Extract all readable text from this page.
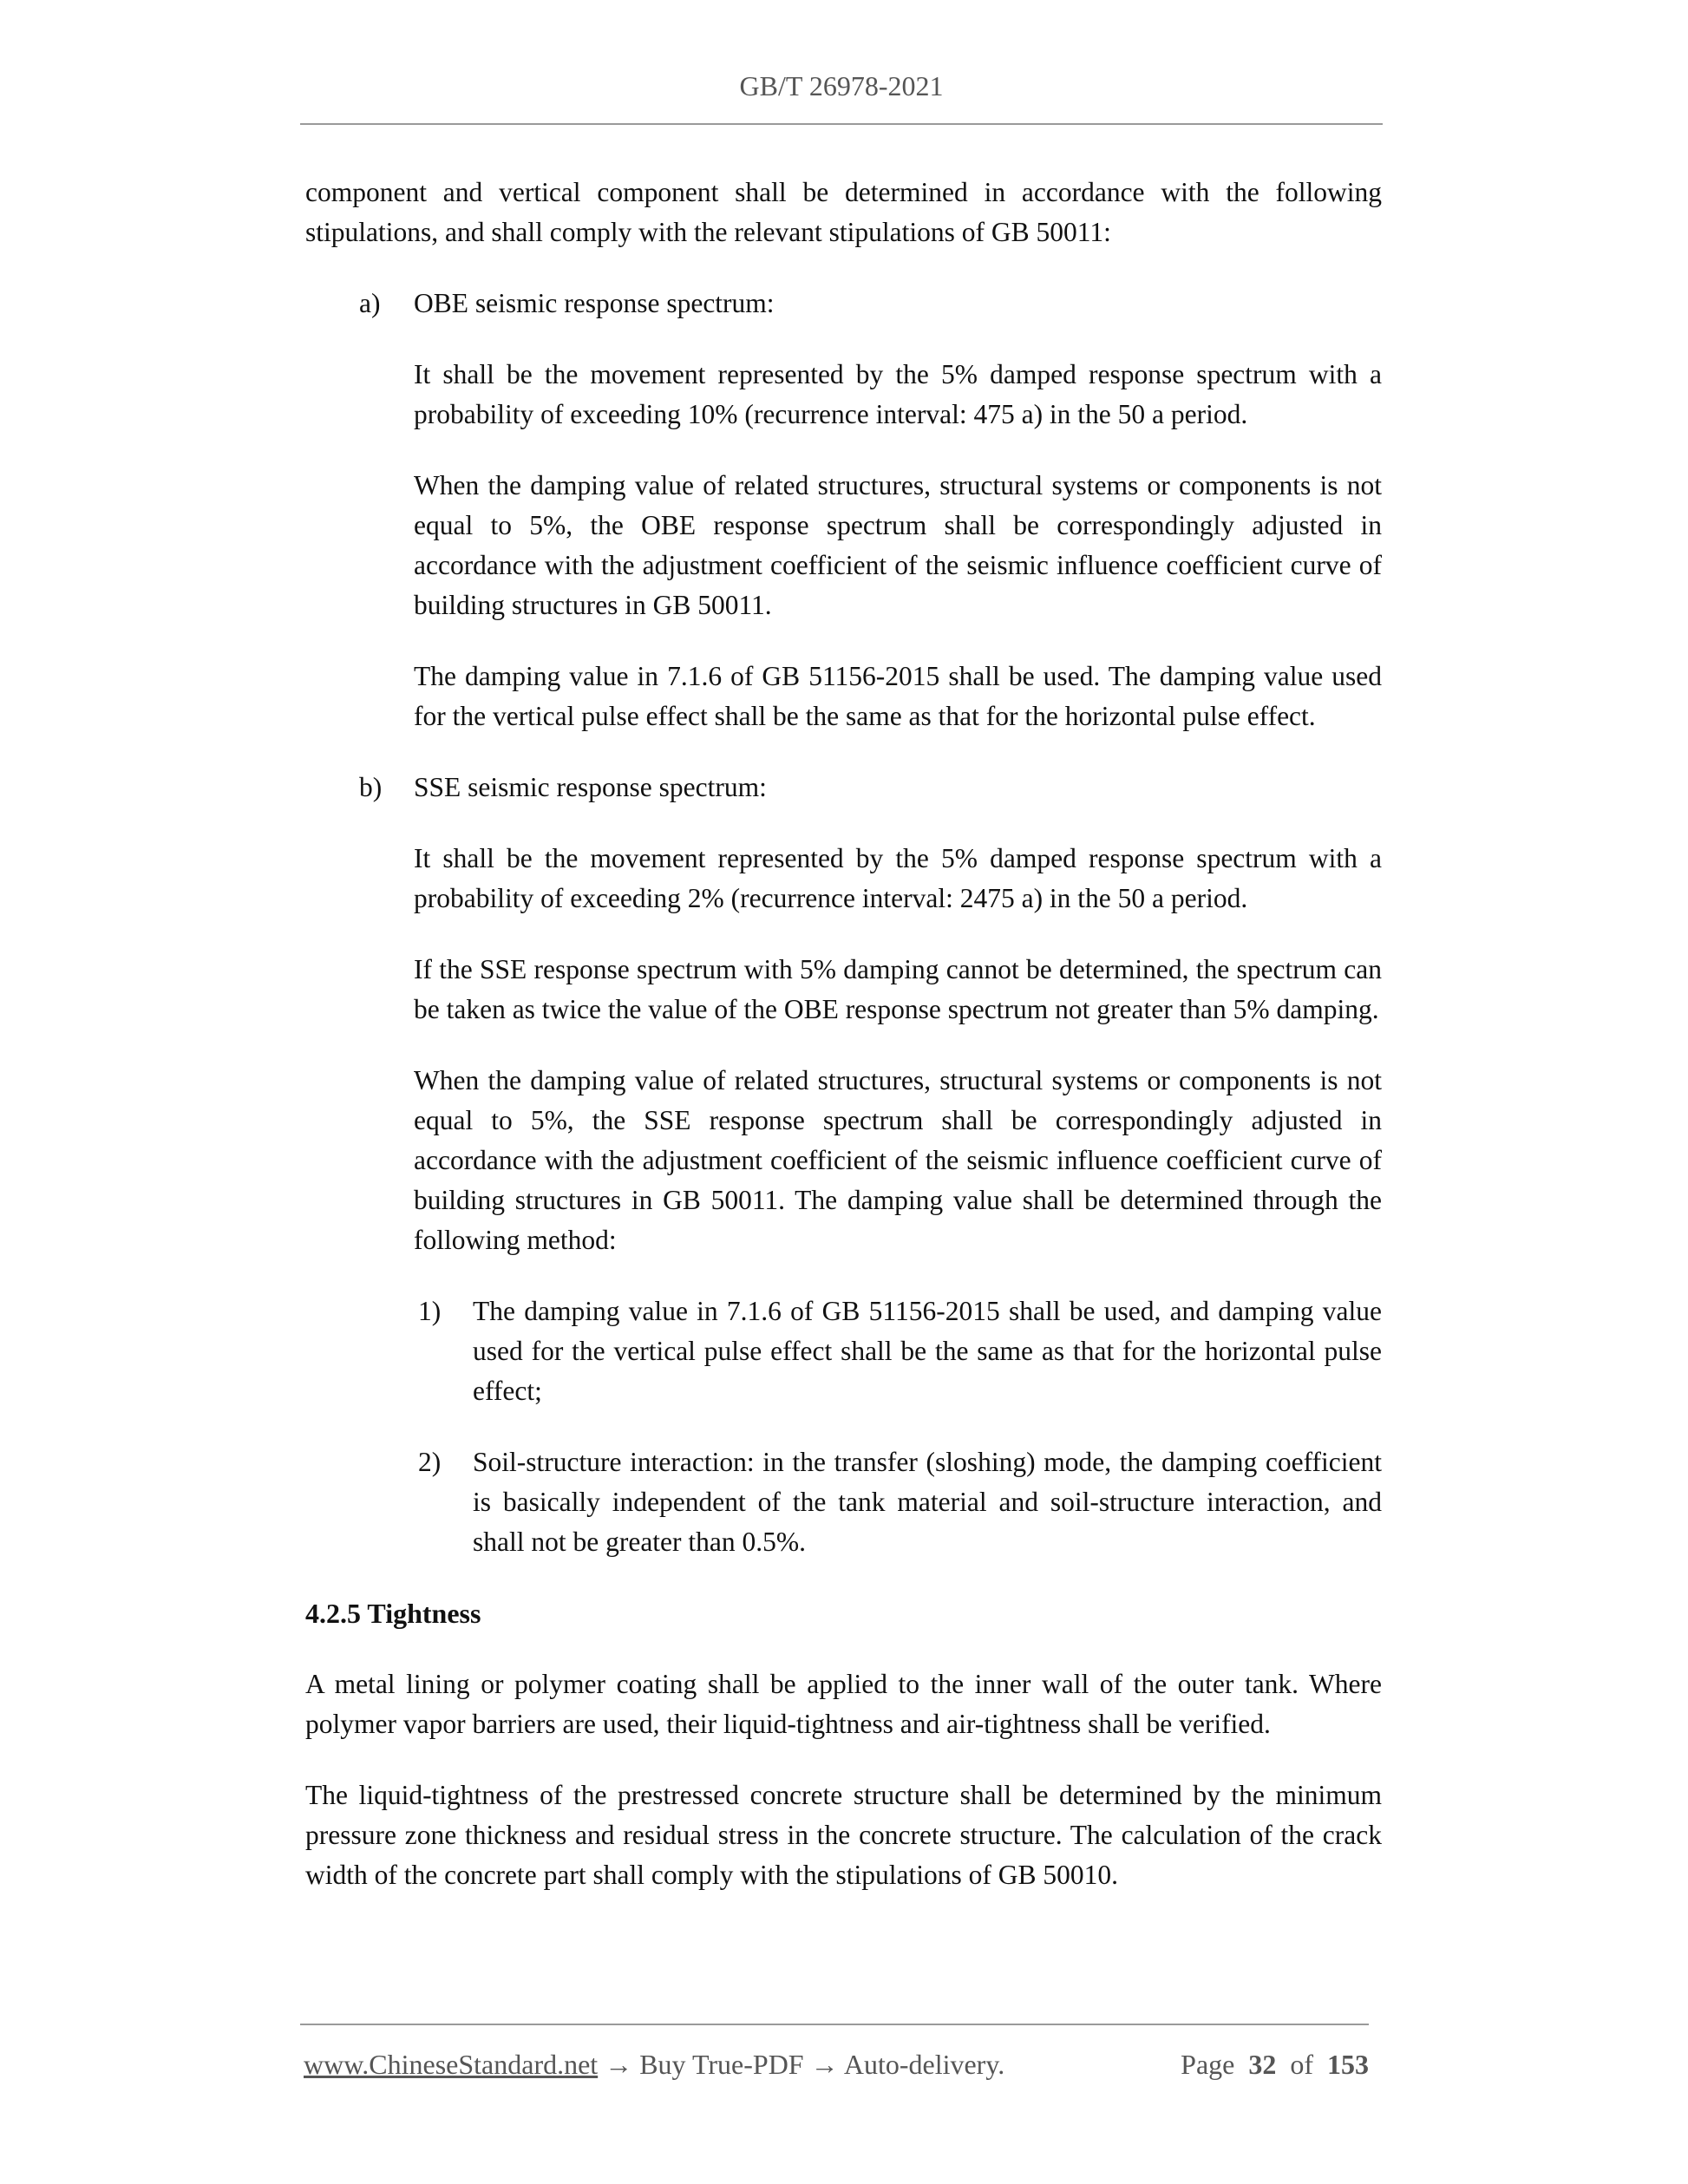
GB/T 26978-2021

component and vertical component shall be determined in accordance with the following stipulations, and shall comply with the relevant stipulations of GB 50011:

a) OBE seismic response spectrum:

It shall be the movement represented by the 5% damped response spectrum with a probability of exceeding 10% (recurrence interval: 475 a) in the 50 a period.

When the damping value of related structures, structural systems or components is not equal to 5%, the OBE response spectrum shall be correspondingly adjusted in accordance with the adjustment coefficient of the seismic influence coefficient curve of building structures in GB 50011.

The damping value in 7.1.6 of GB 51156-2015 shall be used. The damping value used for the vertical pulse effect shall be the same as that for the horizontal pulse effect.

b) SSE seismic response spectrum:

It shall be the movement represented by the 5% damped response spectrum with a probability of exceeding 2% (recurrence interval: 2475 a) in the 50 a period.

If the SSE response spectrum with 5% damping cannot be determined, the spectrum can be taken as twice the value of the OBE response spectrum not greater than 5% damping.

When the damping value of related structures, structural systems or components is not equal to 5%, the SSE response spectrum shall be correspondingly adjusted in accordance with the adjustment coefficient of the seismic influence coefficient curve of building structures in GB 50011. The damping value shall be determined through the following method:

1) The damping value in 7.1.6 of GB 51156-2015 shall be used, and damping value used for the vertical pulse effect shall be the same as that for the horizontal pulse effect;
2) Soil-structure interaction: in the transfer (sloshing) mode, the damping coefficient is basically independent of the tank material and soil-structure interaction, and shall not be greater than 0.5%.
4.2.5 Tightness

A metal lining or polymer coating shall be applied to the inner wall of the outer tank. Where polymer vapor barriers are used, their liquid-tightness and air-tightness shall be verified.

The liquid-tightness of the prestressed concrete structure shall be determined by the minimum pressure zone thickness and residual stress in the concrete structure. The calculation of the crack width of the concrete part shall comply with the stipulations of GB 50010.

www.ChineseStandard.net → Buy True-PDF → Auto-delivery.	Page 32 of 153
